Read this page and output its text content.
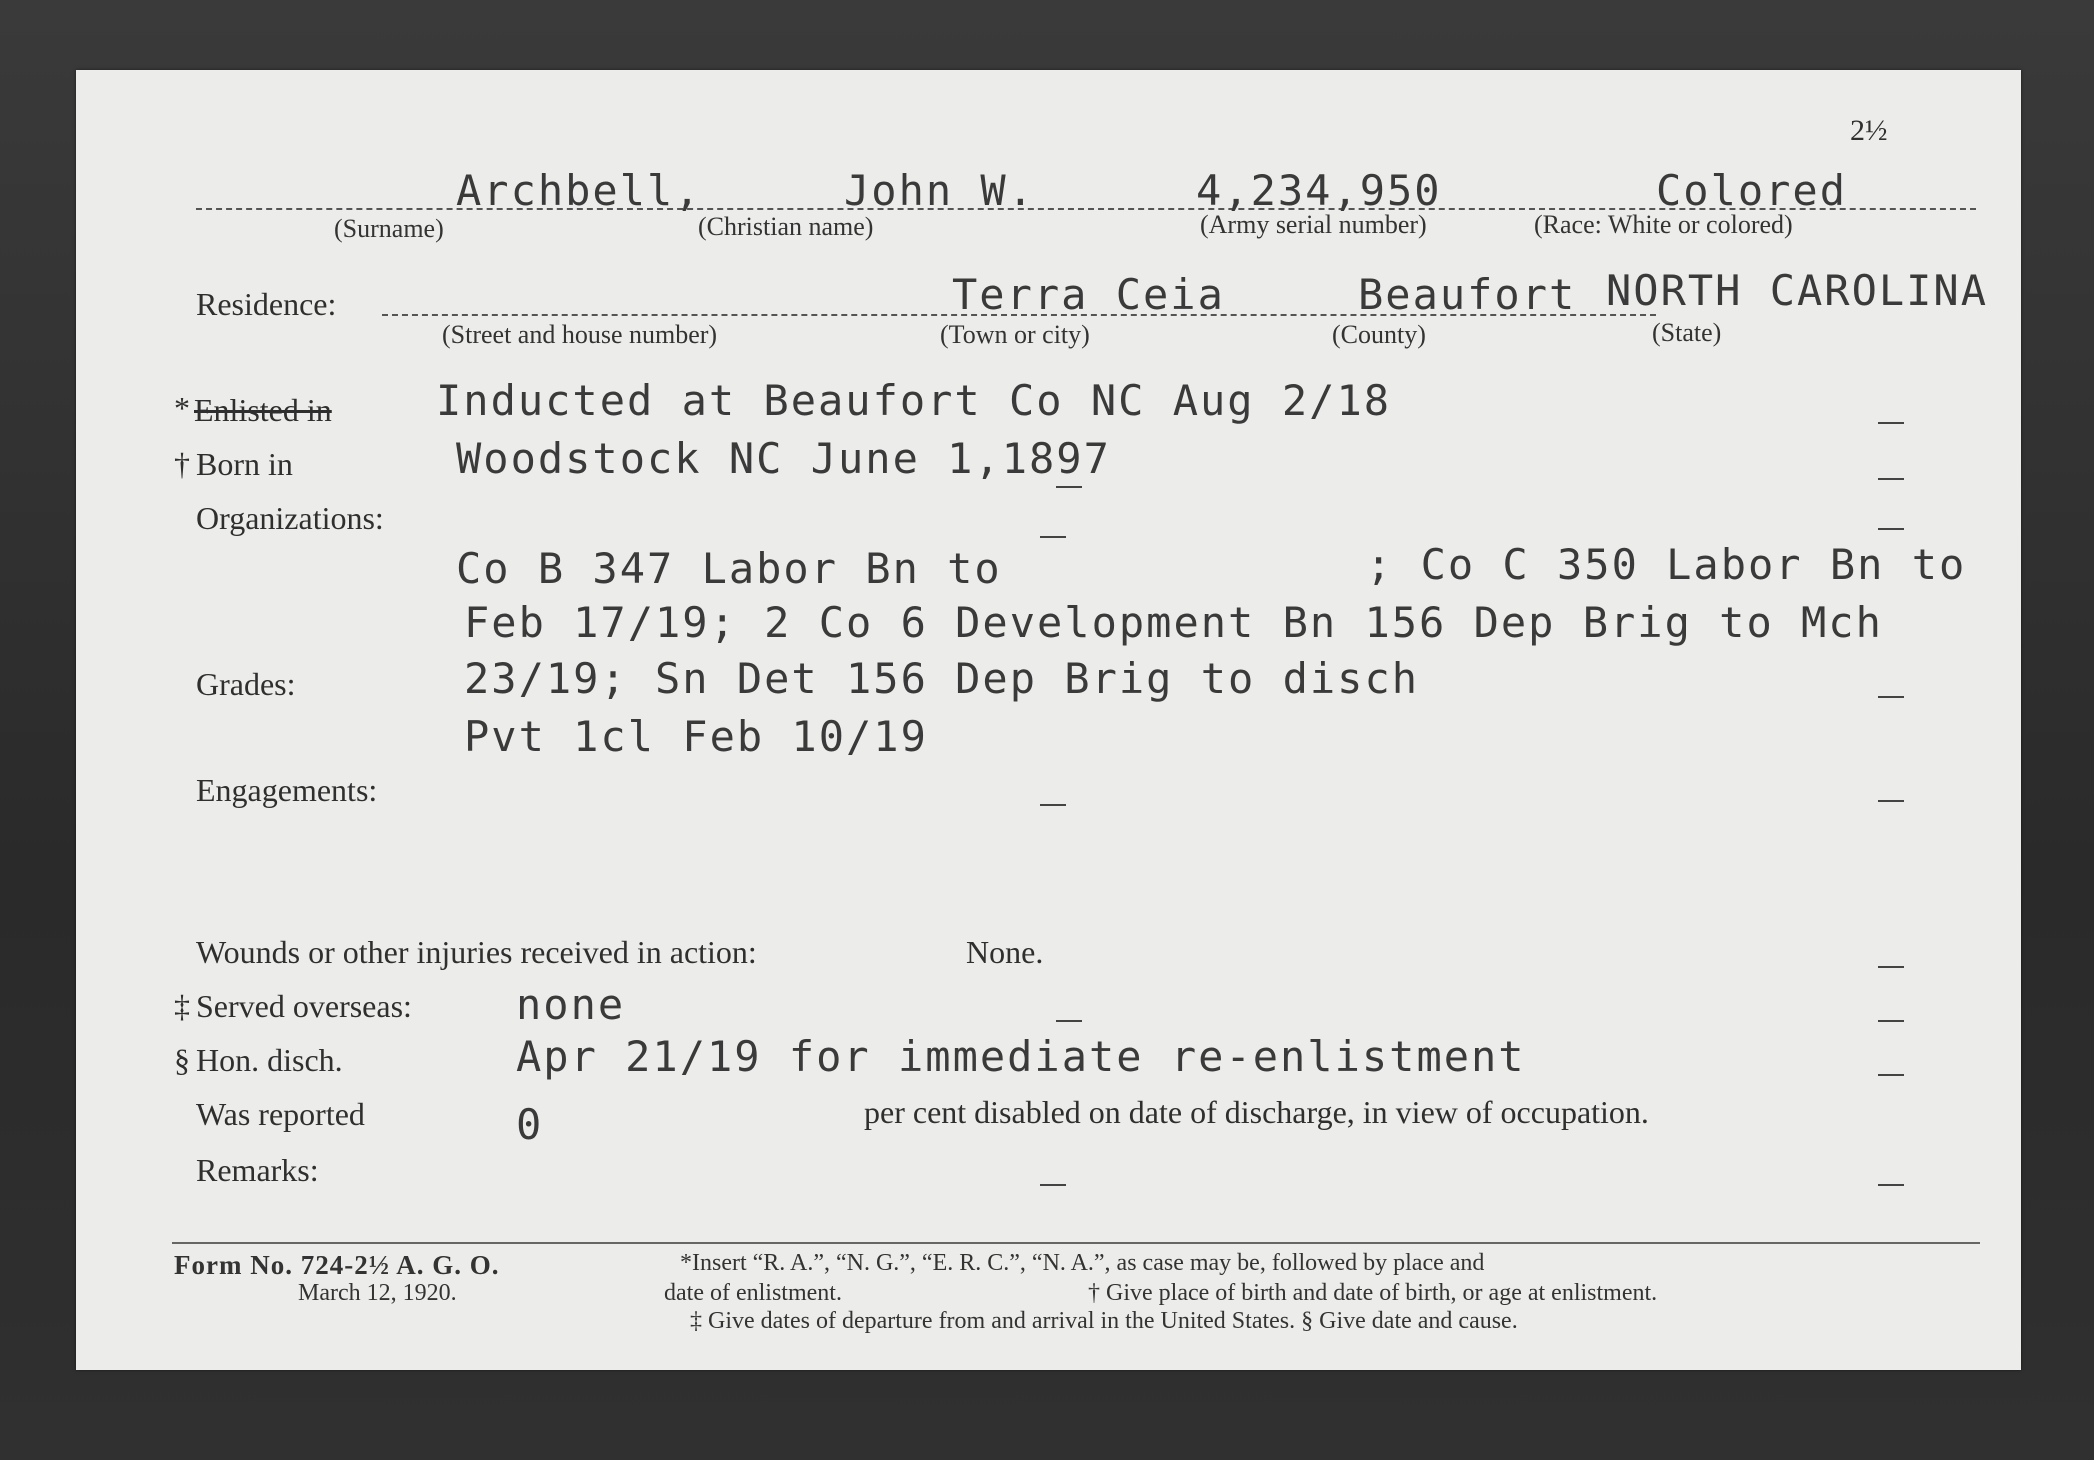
2½
Archbell,	John W.	4,234,950	Colored
(Surname)	(Christian name)	(Army serial number)	(Race: White or colored)
Residence:	Terra Ceia	Beaufort NORTH CAROLINA
(Street and house number)	(Town or city)	(County)	(State)
* Enlisted in Inducted at Beaufort Co NC Aug 2/18
† Born in	Woodstock NC June 1,1897
Organizations:
Co B 347 Labor Bn to	; Co C 350 Labor Bn to
Feb 17/19; 2 Co 6 Development Bn 156 Dep Brig to Mch
23/19; Sn Det 156 Dep Brig to disch
Grades:
Pvt 1cl Feb 10/19
Engagements:
Wounds or other injuries received in action:	None.
‡ Served overseas: none
§ Hon. disch.	Apr 21/19 for immediate re-enlistment
Was reported	0	per cent disabled on date of discharge, in view of occupation.
Remarks:
Form No. 724-2½ A. G. O.
March 12, 1920.
*Insert “R. A.”, “N. G.”, “E. R. C.”, “N. A.”, as case may be, followed by place and
date of enlistment.	† Give place of birth and date of birth, or age at enlistment.
‡ Give dates of departure from and arrival in the United States. § Give date and cause.
